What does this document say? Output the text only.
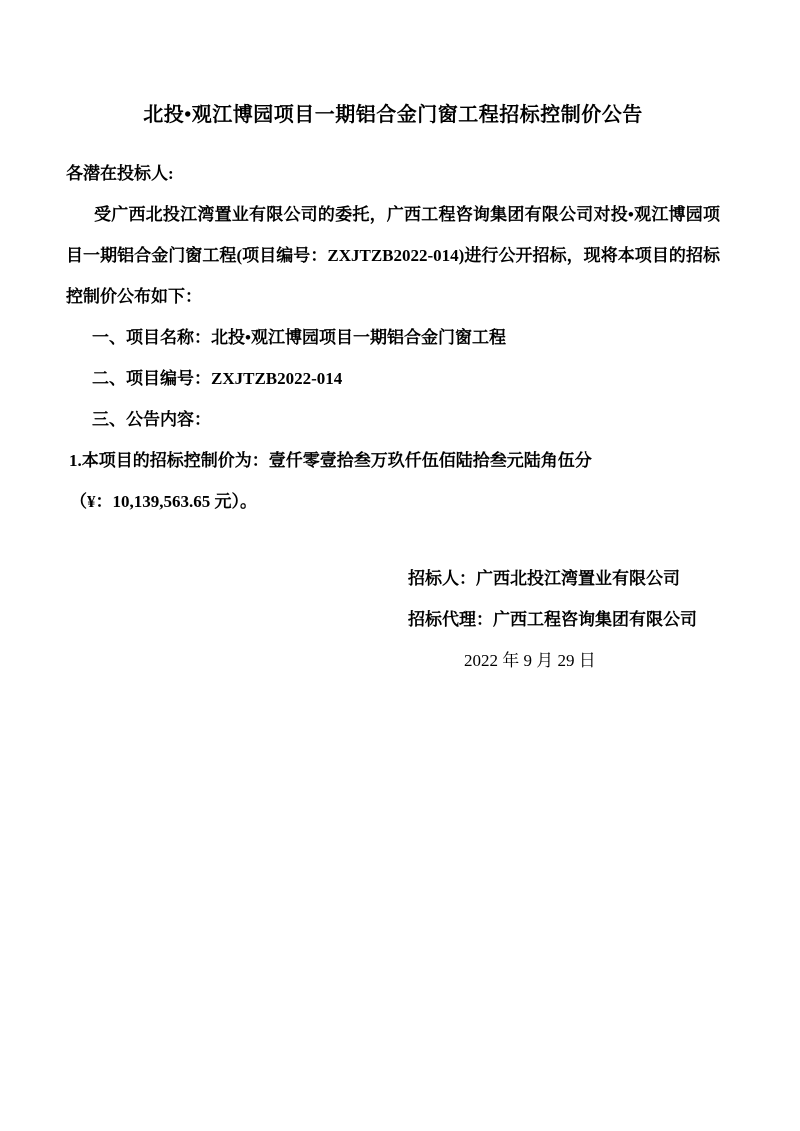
北投•观江博园项目一期铝合金门窗工程招标控制价公告

各潜在投标人:

受广西北投江湾置业有限公司的委托，广西工程咨询集团有限公司对投•观江博园项目一期铝合金门窗工程(项目编号：ZXJTZB2022-014)进行公开招标，现将本项目的招标控制价公布如下：

一、项目名称：北投•观江博园项目一期铝合金门窗工程

二、项目编号：ZXJTZB2022-014

三、公告内容：

1.本项目的招标控制价为：壹仟零壹拾叁万玖仟伍佰陆拾叁元陆角伍分

（¥：10,139,563.65 元）。

招标人：广西北投江湾置业有限公司

招标代理：广西工程咨询集团有限公司

2022 年 9 月 29 日
